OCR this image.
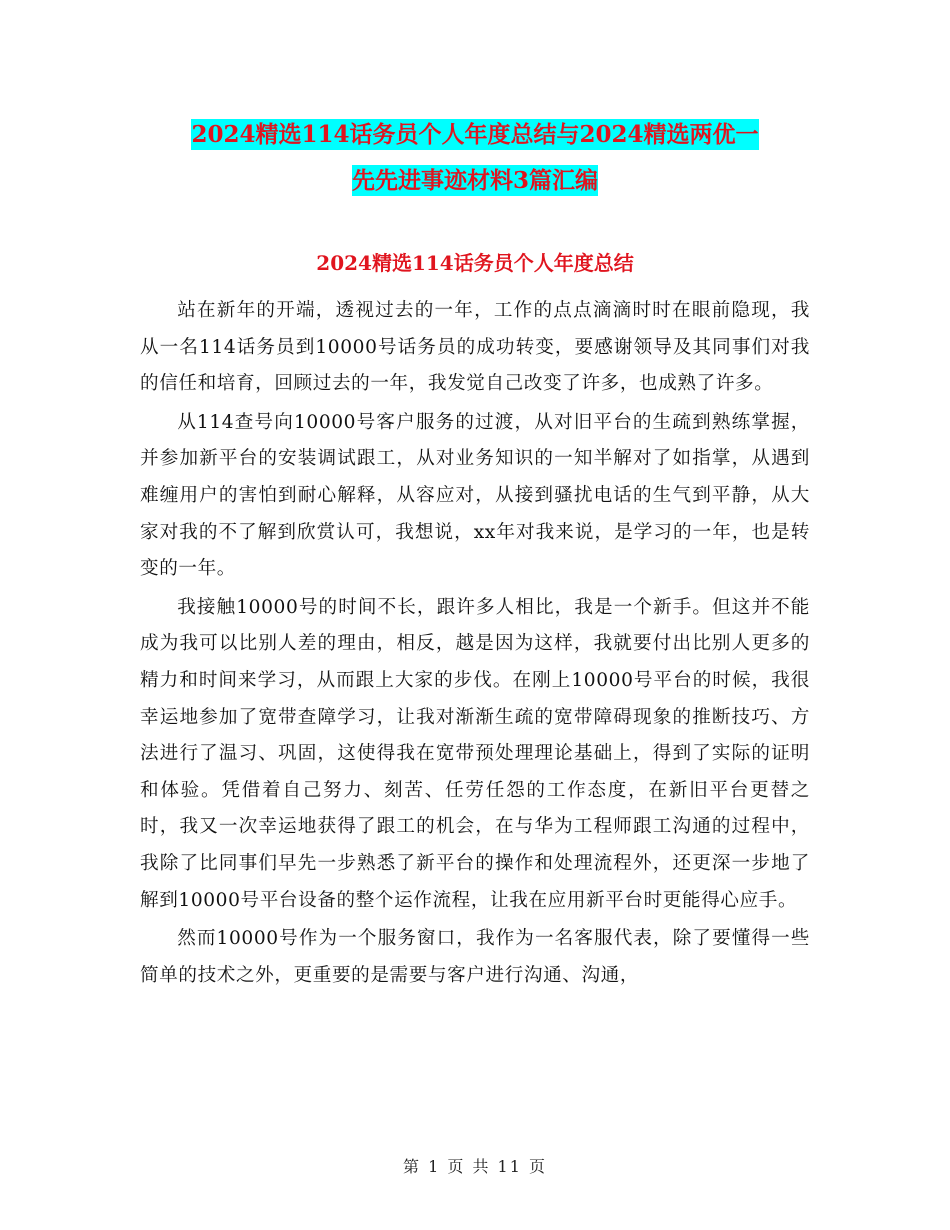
2024精选114话务员个人年度总结与2024精选两优一
先先进事迹材料3篇汇编
2024精选114话务员个人年度总结

站在新年的开端，透视过去的一年，工作的点点滴滴时时在眼前隐现，我从一名114话务员到10000号话务员的成功转变，要感谢领导及其同事们对我的信任和培育，回顾过去的一年，我发觉自己改变了许多，也成熟了许多。

从114查号向10000号客户服务的过渡，从对旧平台的生疏到熟练掌握，并参加新平台的安装调试跟工，从对业务知识的一知半解对了如指掌，从遇到难缠用户的害怕到耐心解释，从容应对，从接到骚扰电话的生气到平静，从大家对我的不了解到欣赏认可，我想说，xx年对我来说，是学习的一年，也是转变的一年。

我接触10000号的时间不长，跟许多人相比，我是一个新手。但这并不能成为我可以比别人差的理由，相反，越是因为这样，我就要付出比别人更多的精力和时间来学习，从而跟上大家的步伐。在刚上10000号平台的时候，我很幸运地参加了宽带查障学习，让我对渐渐生疏的宽带障碍现象的推断技巧、方法进行了温习、巩固，这使得我在宽带预处理理论基础上，得到了实际的证明和体验。凭借着自己努力、刻苦、任劳任怨的工作态度，在新旧平台更替之时，我又一次幸运地获得了跟工的机会，在与华为工程师跟工沟通的过程中，我除了比同事们早先一步熟悉了新平台的操作和处理流程外，还更深一步地了解到10000号平台设备的整个运作流程，让我在应用新平台时更能得心应手。

然而10000号作为一个服务窗口，我作为一名客服代表，除了要懂得一些简单的技术之外，更重要的是需要与客户进行沟通、沟通，

第 1 页 共 11 页
